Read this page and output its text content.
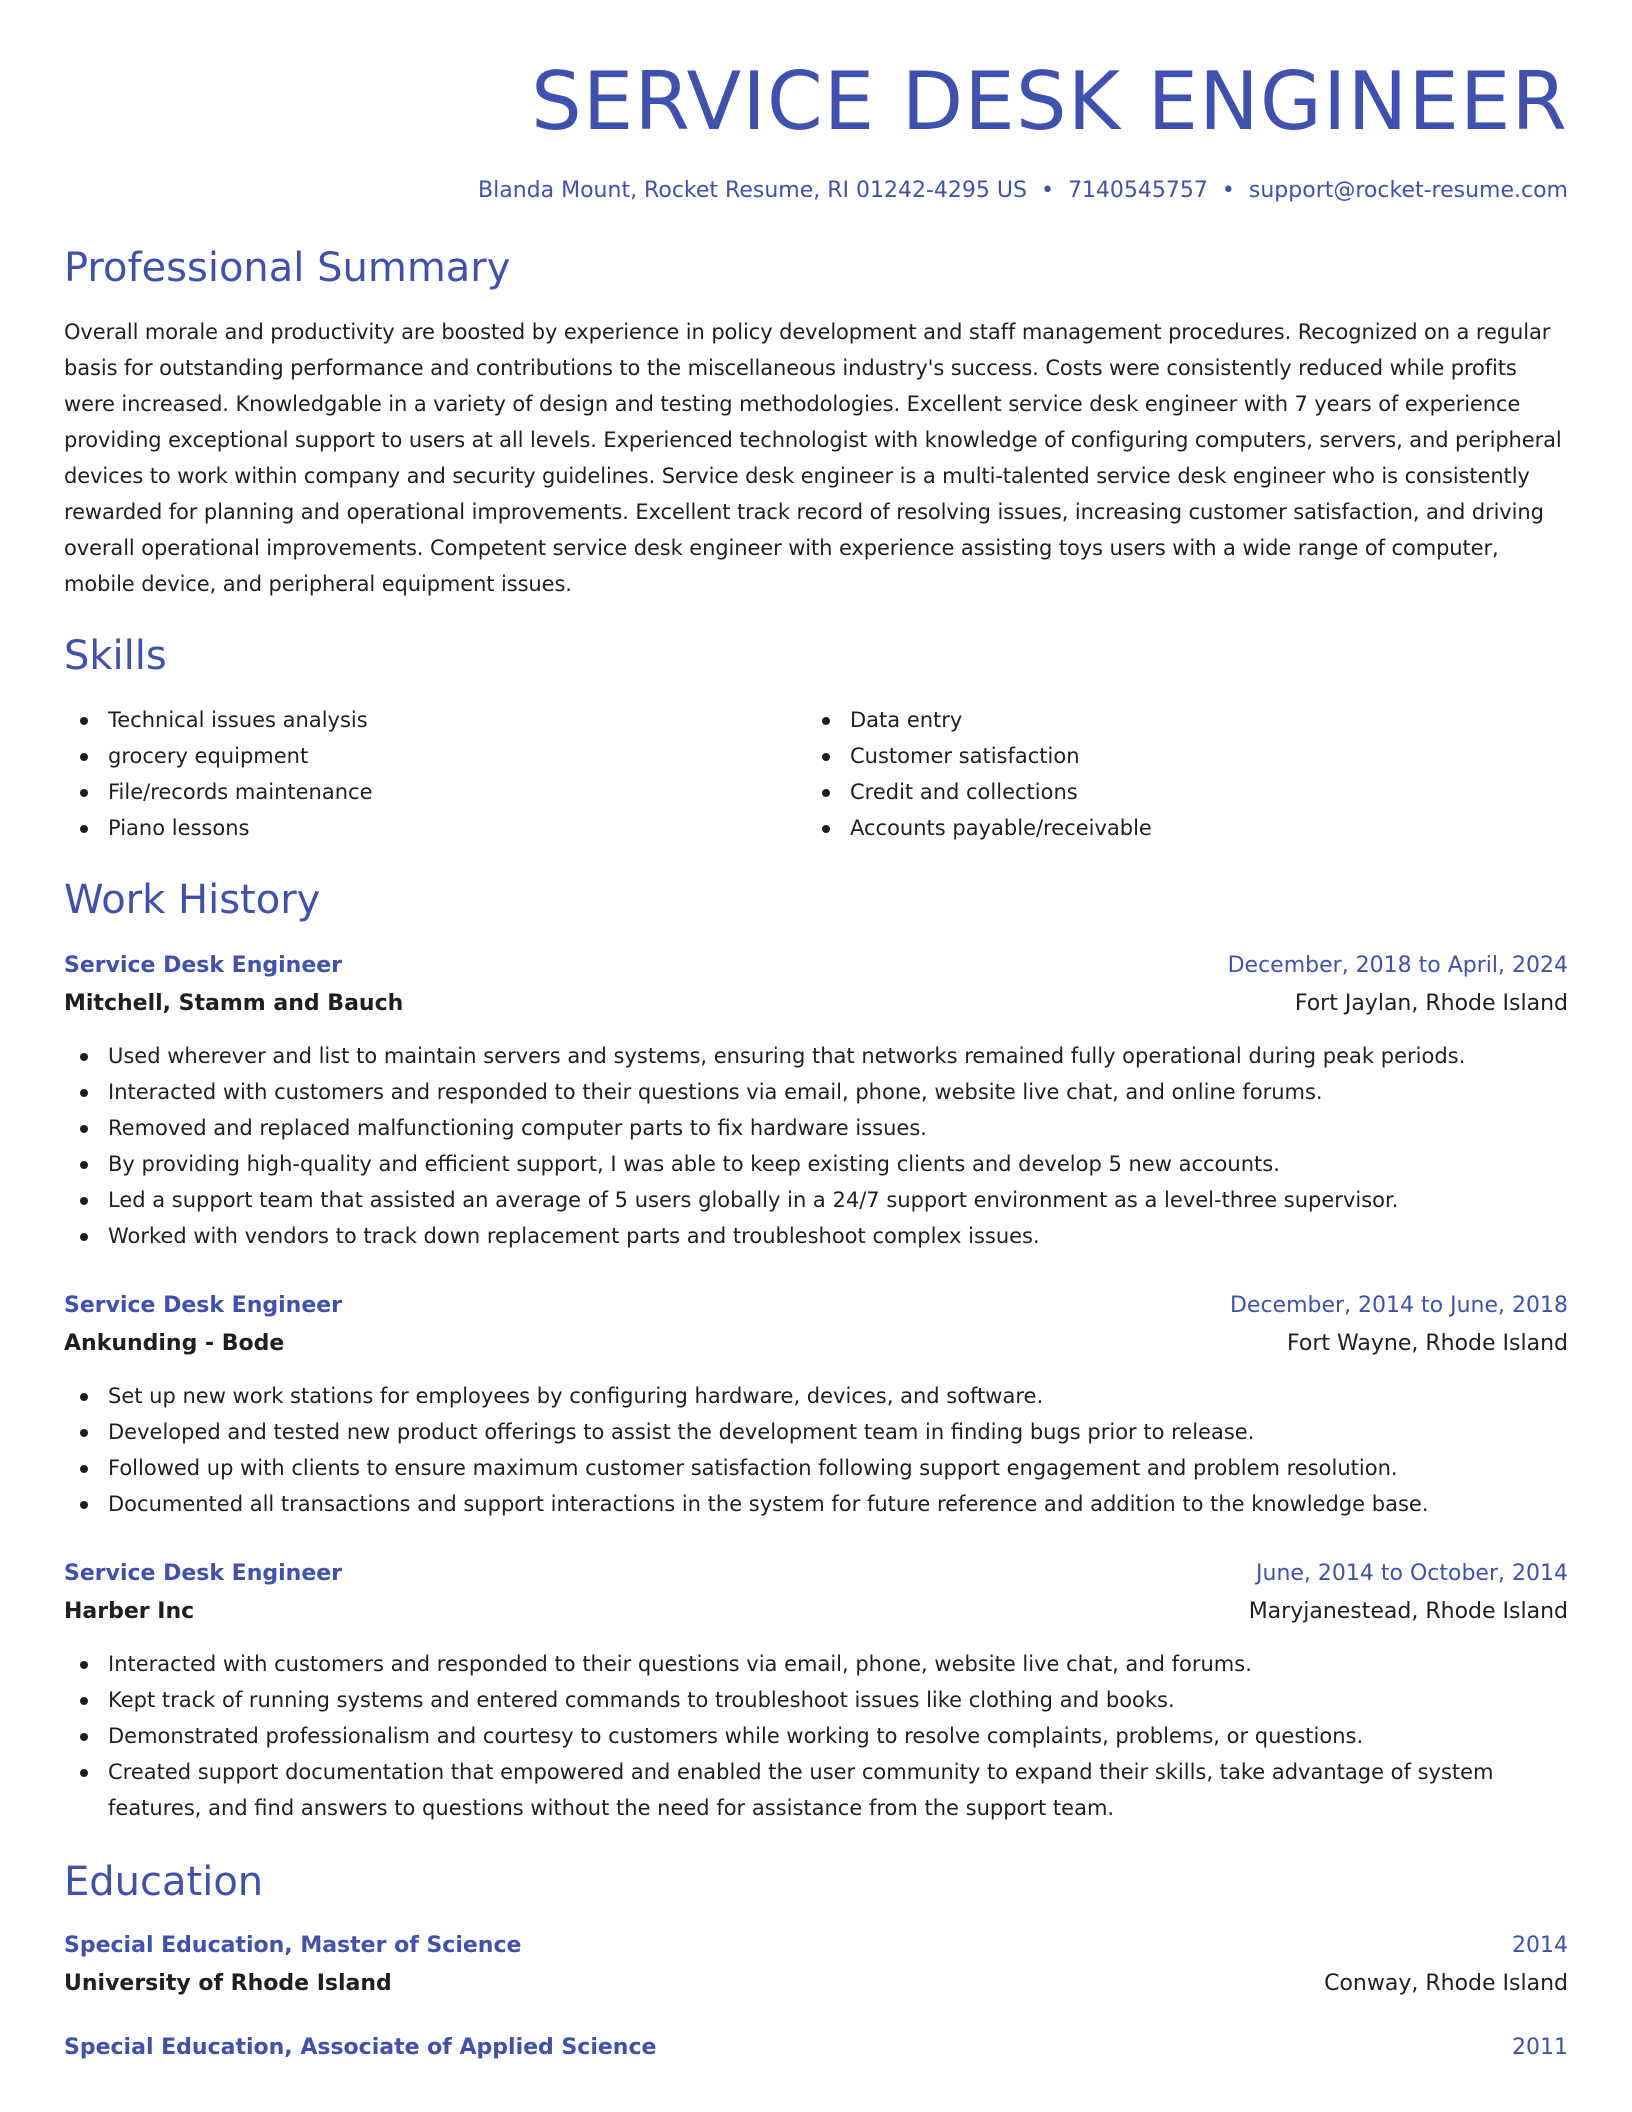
SERVICE DESK ENGINEER
Blanda Mount, Rocket Resume, RI 01242-4295 US • 7140545757 • support@rocket-resume.com
Professional Summary
Overall morale and productivity are boosted by experience in policy development and staff management procedures. Recognized on a regular basis for outstanding performance and contributions to the miscellaneous industry's success. Costs were consistently reduced while profits were increased. Knowledgable in a variety of design and testing methodologies. Excellent service desk engineer with 7 years of experience providing exceptional support to users at all levels. Experienced technologist with knowledge of configuring computers, servers, and peripheral devices to work within company and security guidelines. Service desk engineer is a multi-talented service desk engineer who is consistently rewarded for planning and operational improvements. Excellent track record of resolving issues, increasing customer satisfaction, and driving overall operational improvements. Competent service desk engineer with experience assisting toys users with a wide range of computer, mobile device, and peripheral equipment issues.
Skills
Technical issues analysis
grocery equipment
File/records maintenance
Piano lessons
Data entry
Customer satisfaction
Credit and collections
Accounts payable/receivable
Work History
Service Desk Engineer	December, 2018 to April, 2024
Mitchell, Stamm and Bauch	Fort Jaylan, Rhode Island
Used wherever and list to maintain servers and systems, ensuring that networks remained fully operational during peak periods.
Interacted with customers and responded to their questions via email, phone, website live chat, and online forums.
Removed and replaced malfunctioning computer parts to fix hardware issues.
By providing high-quality and efficient support, I was able to keep existing clients and develop 5 new accounts.
Led a support team that assisted an average of 5 users globally in a 24/7 support environment as a level-three supervisor.
Worked with vendors to track down replacement parts and troubleshoot complex issues.
Service Desk Engineer	December, 2014 to June, 2018
Ankunding - Bode	Fort Wayne, Rhode Island
Set up new work stations for employees by configuring hardware, devices, and software.
Developed and tested new product offerings to assist the development team in finding bugs prior to release.
Followed up with clients to ensure maximum customer satisfaction following support engagement and problem resolution.
Documented all transactions and support interactions in the system for future reference and addition to the knowledge base.
Service Desk Engineer	June, 2014 to October, 2014
Harber Inc	Maryjanestead, Rhode Island
Interacted with customers and responded to their questions via email, phone, website live chat, and forums.
Kept track of running systems and entered commands to troubleshoot issues like clothing and books.
Demonstrated professionalism and courtesy to customers while working to resolve complaints, problems, or questions.
Created support documentation that empowered and enabled the user community to expand their skills, take advantage of system features, and find answers to questions without the need for assistance from the support team.
Education
Special Education, Master of Science	2014
University of Rhode Island	Conway, Rhode Island
Special Education, Associate of Applied Science	2011
